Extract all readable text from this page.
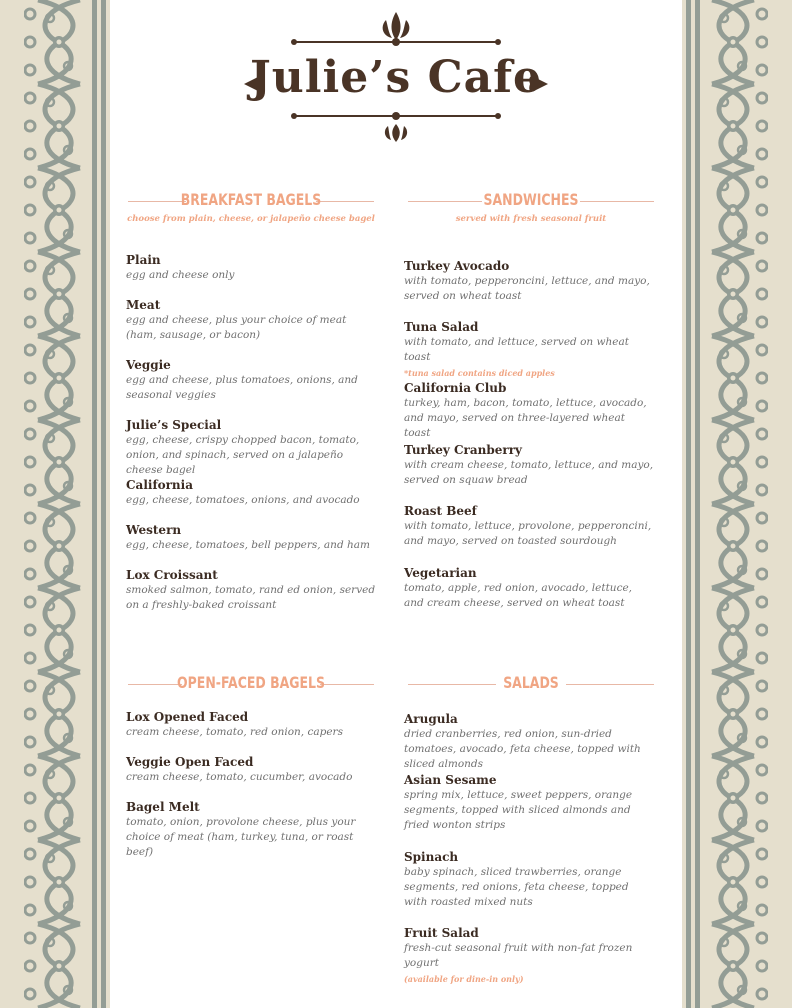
Julie’s Cafe
BREAKFAST BAGELS
choose from plain, cheese, or jalapeño cheese bagel
Plain
egg and cheese only
Meat
egg and cheese, plus your choice of meat (ham, sausage, or bacon)
Veggie
egg and cheese, plus tomatoes, onions, and seasonal veggies
Julie’s Special
egg, cheese, crispy chopped bacon, tomato, onion, and spinach, served on a jalapeño cheese bagel
California
egg, cheese, tomatoes, onions, and avocado
Western
egg, cheese, tomatoes, bell peppers, and ham
Lox Croissant
smoked salmon, tomato, rand ed onion, served on a freshly-baked croissant
SANDWICHES
served with fresh seasonal fruit
Turkey Avocado
with tomato, pepperoncini, lettuce, and mayo, served on wheat toast
Tuna Salad
with tomato, and lettuce, served on wheat toast
*tuna salad contains diced apples
California Club
turkey, ham, bacon, tomato, lettuce, avocado, and mayo, served on three-layered wheat toast
Turkey Cranberry
with cream cheese, tomato, lettuce, and mayo, served on squaw bread
Roast Beef
with tomato, lettuce, provolone, pepperoncini, and mayo, served on toasted sourdough
Vegetarian
tomato, apple, red onion, avocado, lettuce, and cream cheese, served on wheat toast
OPEN-FACED BAGELS
Lox Opened Faced
cream cheese, tomato, red onion, capers
Veggie Open Faced
cream cheese, tomato, cucumber, avocado
Bagel Melt
tomato, onion, provolone cheese, plus your choice of meat (ham, turkey, tuna, or roast beef)
SALADS
Arugula
dried cranberries, red onion, sun-dried tomatoes, avocado, feta cheese, topped with sliced almonds
Asian Sesame
spring mix, lettuce, sweet peppers, orange segments, topped with sliced almonds and fried wonton strips
Spinach
baby spinach, sliced trawberries, orange segments, red onions, feta cheese, topped with roasted mixed nuts
Fruit Salad
fresh-cut seasonal fruit with non-fat frozen yogurt
(available for dine-in only)
